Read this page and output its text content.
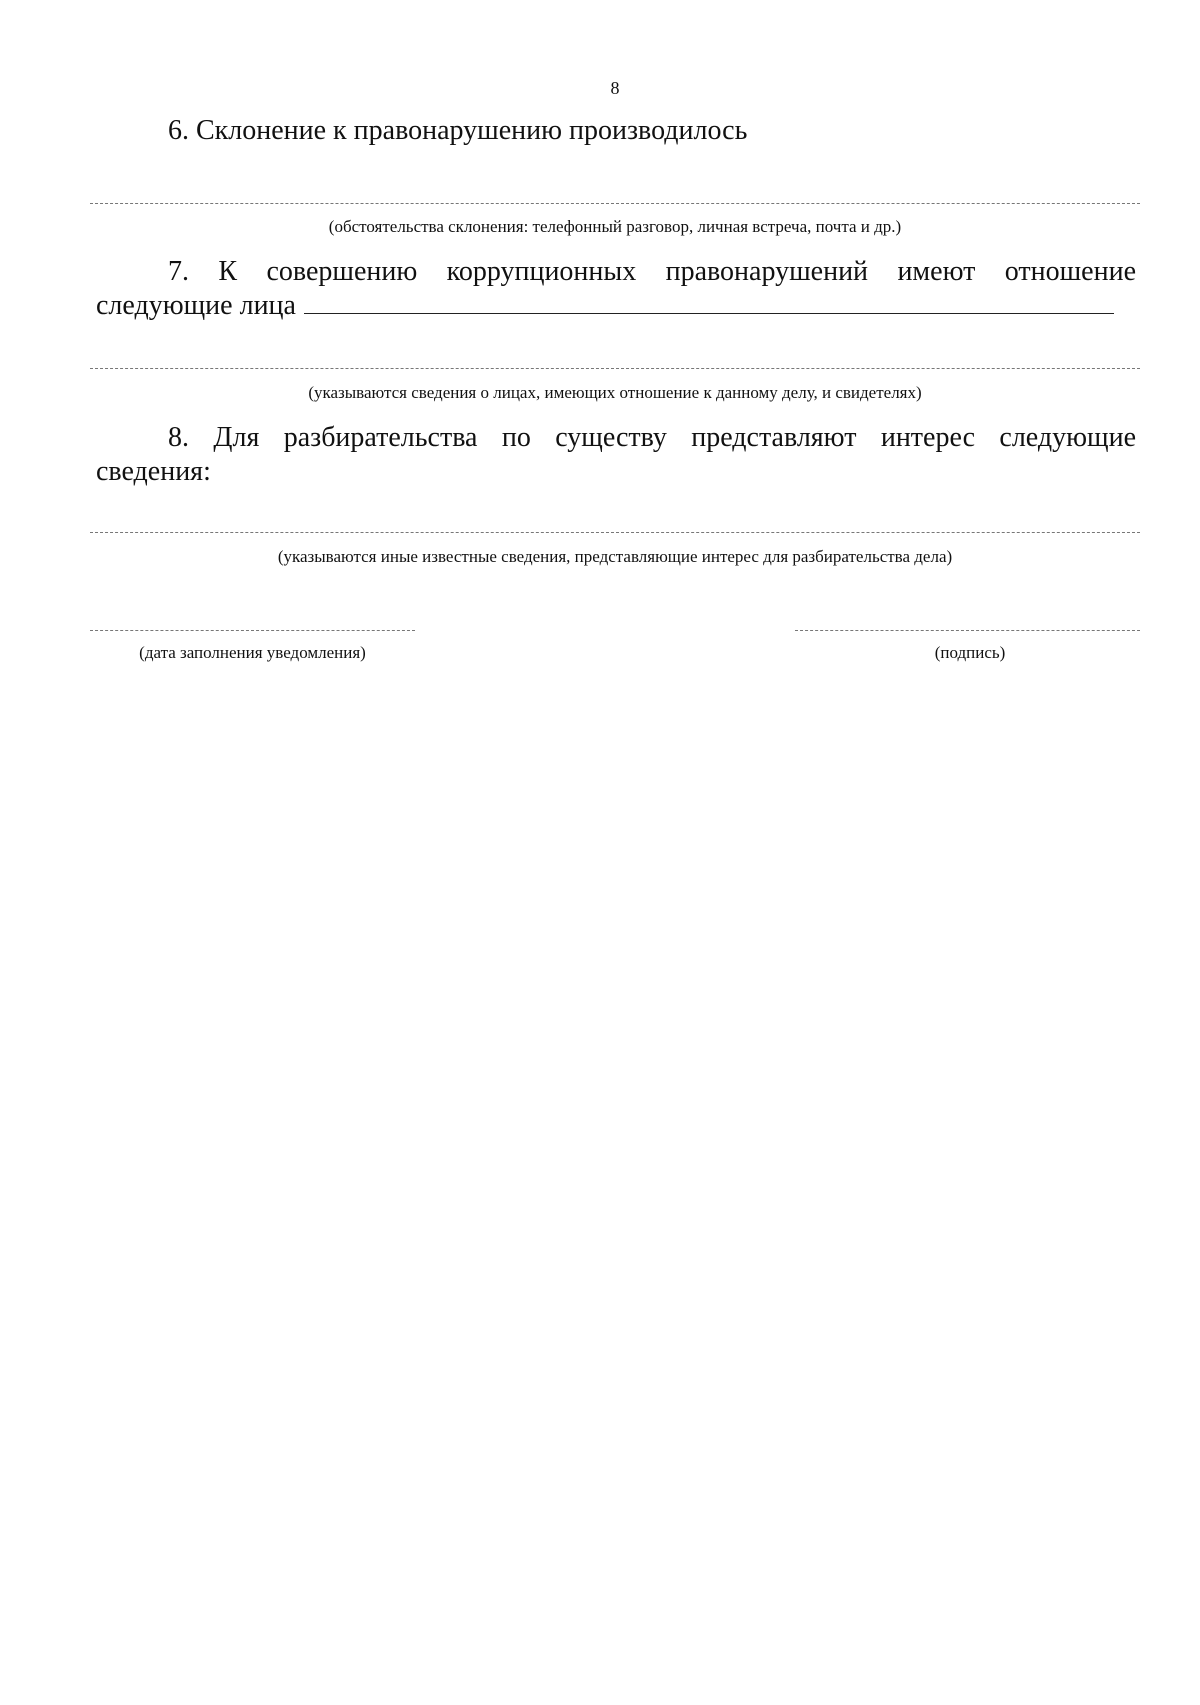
8
6. Склонение к правонарушению производилось
(обстоятельства склонения: телефонный разговор, личная встреча, почта и др.)
7. К совершению коррупционных правонарушений имеют отношение
следующие лица
(указываются сведения о лицах, имеющих отношение к данному делу, и свидетелях)
8. Для разбирательства по существу представляют интерес следующие
сведения:
(указываются иные известные сведения, представляющие интерес для разбирательства дела)
(дата заполнения уведомления)	(подпись)
